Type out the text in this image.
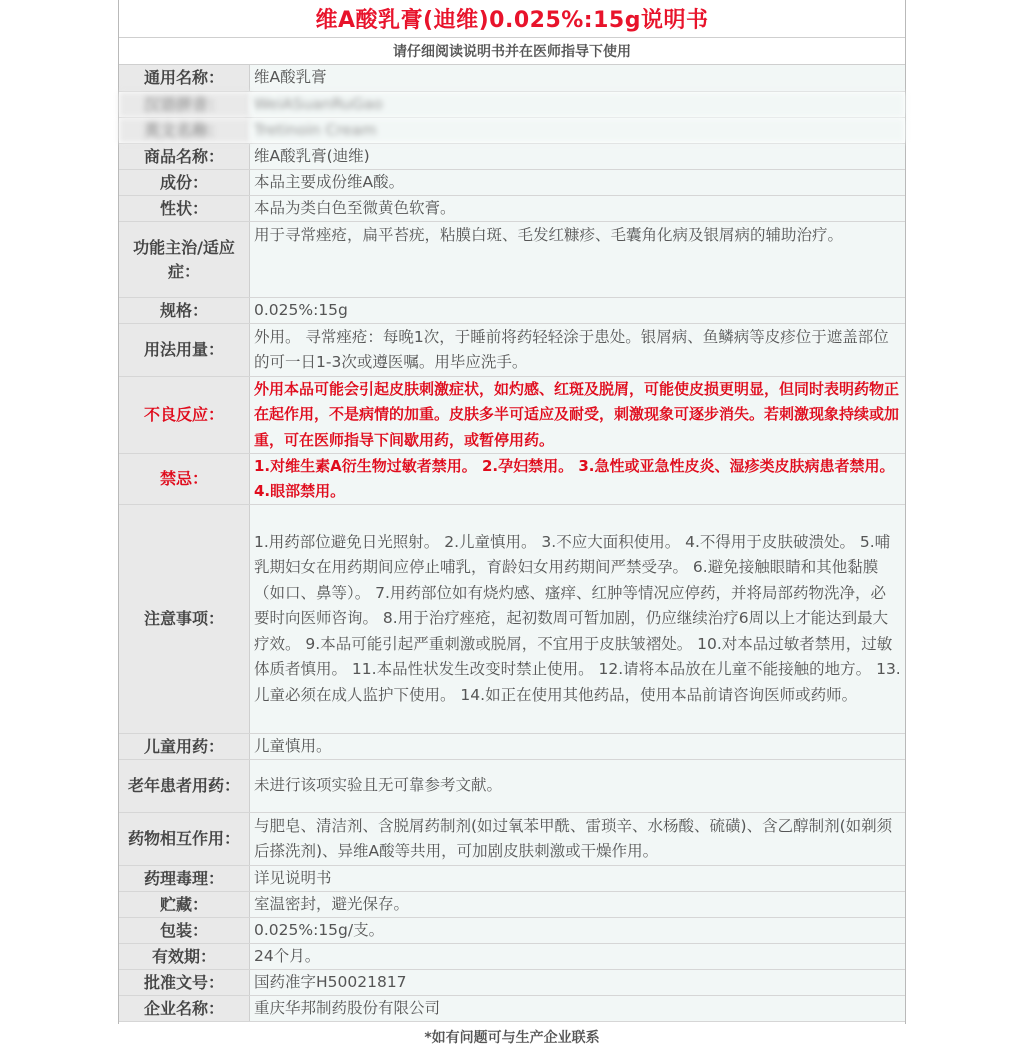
维A酸乳膏(迪维)0.025%:15g说明书
请仔细阅读说明书并在医师指导下使用
通用名称：	维A酸乳膏
汉语拼音：	WeiASuanRuGao
英文名称：	Tretinoin Cream
商品名称：	维A酸乳膏(迪维)
成份：	本品主要成份维A酸。
性状：	本品为类白色至微黄色软膏。
功能主治/适应症：
用于寻常痤疮，扁平苔疣，粘膜白斑、毛发红糠疹、毛囊角化病及银屑病的辅助治疗。
规格：	0.025%:15g
用法用量：
外用。 寻常痤疮：每晚1次，于睡前将药轻轻涂于患处。银屑病、鱼鳞病等皮疹位于遮盖部位的可一日1-3次或遵医嘱。用毕应洗手。
不良反应：
外用本品可能会引起皮肤刺激症状，如灼感、红斑及脱屑，可能使皮损更明显，但同时表明药物正在起作用，不是病情的加重。皮肤多半可适应及耐受，刺激现象可逐步消失。若刺激现象持续或加重，可在医师指导下间歇用药，或暂停用药。
禁忌：
1.对维生素A衍生物过敏者禁用。 2.孕妇禁用。 3.急性或亚急性皮炎、湿疹类皮肤病患者禁用。 4.眼部禁用。
注意事项：
1.用药部位避免日光照射。 2.儿童慎用。 3.不应大面积使用。 4.不得用于皮肤破溃处。 5.哺乳期妇女在用药期间应停止哺乳，育龄妇女用药期间严禁受孕。 6.避免接触眼睛和其他黏膜（如口、鼻等）。 7.用药部位如有烧灼感、瘙痒、红肿等情况应停药，并将局部药物洗净，必要时向医师咨询。 8.用于治疗痤疮，起初数周可暂加剧，仍应继续治疗6周以上才能达到最大疗效。 9.本品可能引起严重刺激或脱屑，不宜用于皮肤皱褶处。 10.对本品过敏者禁用，过敏体质者慎用。 11.本品性状发生改变时禁止使用。 12.请将本品放在儿童不能接触的地方。 13.儿童必须在成人监护下使用。 14.如正在使用其他药品，使用本品前请咨询医师或药师。
儿童用药：	儿童慎用。
老年患者用药： 未进行该项实验且无可靠参考文献。
药物相互作用：
与肥皂、清洁剂、含脱屑药制剂(如过氧苯甲酰、雷琐辛、水杨酸、硫磺)、含乙醇制剂(如剃须后搽洗剂)、异维A酸等共用，可加剧皮肤刺激或干燥作用。
药理毒理：	详见说明书
贮藏：	室温密封，避光保存。
包装：	0.025%:15g/支。
有效期：	24个月。
批准文号：	国药准字H50021817
企业名称：	重庆华邦制药股份有限公司
*如有问题可与生产企业联系
